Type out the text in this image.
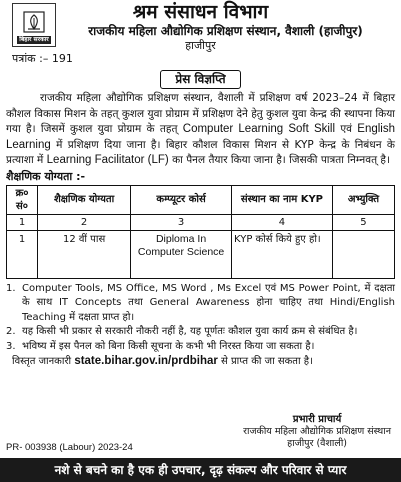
बिहार सरकार
श्रम संसाधन विभाग
राजकीय महिला औद्योगिक प्रशिक्षण संस्थान, वैशाली (हाजीपुर)
हाजीपुर
पत्रांक :– 191
प्रेस विज्ञप्ति

राजकीय महिला औद्योगिक प्रशिक्षण संस्थान, वैशाली में प्रशिक्षण वर्ष 2023–24 में बिहार कौशल विकास मिशन के तहत् कुशल युवा प्रोग्राम में प्रशिक्षण देने हेतु कुशल युवा केन्द्र की स्थापना किया गया है। जिसमें कुशल युवा प्रोग्राम के तहत् Computer Learning Soft Skill एवं English Learning में प्रशिक्षण दिया जाना है। बिहार कौशल विकास मिशन से KYP केन्द्र के निबंधन के प्रत्याशा में Learning Facilitator (LF) का पैनल तैयार किया जाना है। जिसकी पात्रता निम्नवत् है।

शैक्षणिक योग्यता :-
क्र० सं०	शैक्षणिक योग्यता	कम्प्यूटर कोर्स	संस्थान का नाम KYP	अभ्युक्ति
1	2	3	4	5
1	12 वीं पास	Diploma In Computer Science	KYP कोर्स किये हुए हो।	
1. Computer Tools, MS Office, MS Word , Ms Excel एवं MS Power Point, में दक्षता के साथ IT Concepts तथा General Awareness होना चाहिए तथा Hindi/English Teaching में दक्षता प्राप्त हो।
2. यह किसी भी प्रकार से सरकारी नौकरी नहीं है, यह पूर्णतः कौशल युवा कार्य क्रम से संबंधित है।
3. भविष्य में इस पैनल को बिना किसी सूचना के कभी भी निरस्त किया जा सकता है।
विस्तृत जानकारी state.bihar.gov.in/prdbihar से प्राप्त की जा सकता है।
प्रभारी प्राचार्य
राजकीय महिला औद्योगिक प्रशिक्षण संस्थान
हाजीपुर (वैशाली)
PR- 003938 (Labour) 2023-24
नशे से बचने का है एक ही उपचार, दृढ़ संकल्प और परिवार से प्यार
